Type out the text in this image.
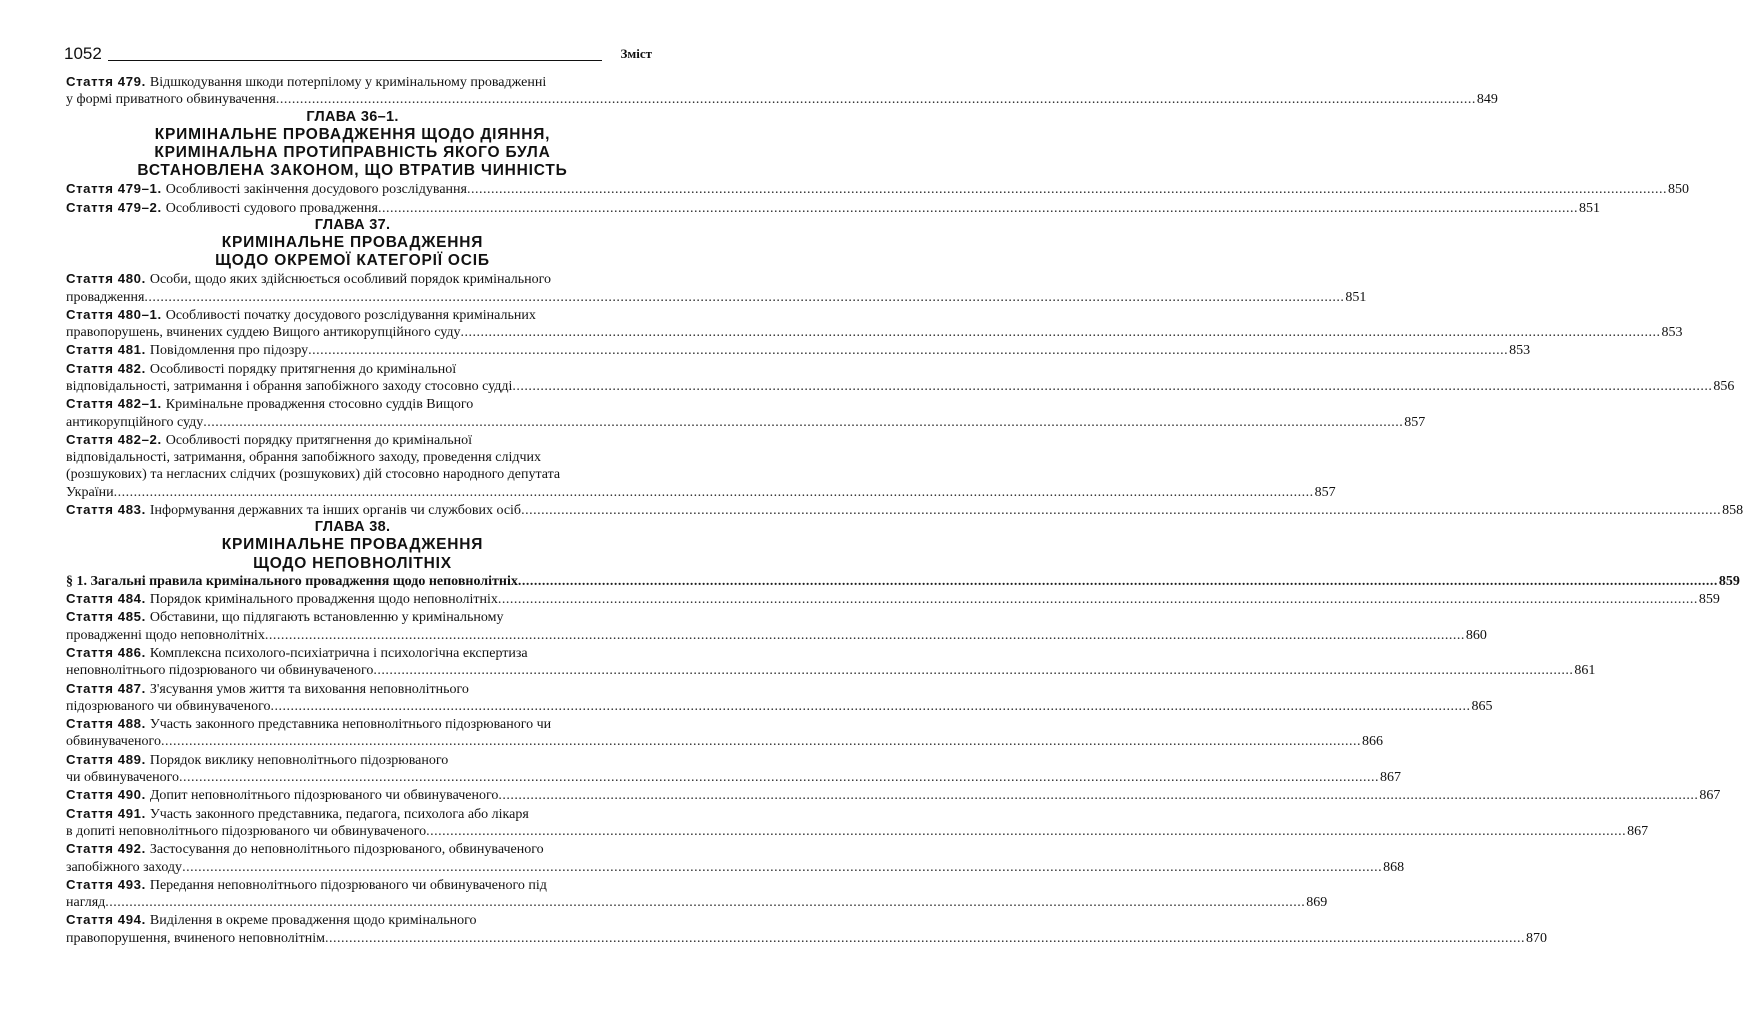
1052	Зміст
Стаття 479. Відшкодування шкоди потерпілому у кримінальному провадженні
у формі приватного обвинувачення ............................................................................................................................................................................................................................................................................................................ 849
ГЛАВА 36–1.
КРИМІНАЛЬНЕ ПРОВАДЖЕННЯ ЩОДО ДІЯННЯ,
КРИМІНАЛЬНА ПРОТИПРАВНІСТЬ ЯКОГО БУЛА
ВСТАНОВЛЕНА ЗАКОНОМ, ЩО ВТРАТИВ ЧИННІСТЬ
Стаття 479–1. Особливості закінчення досудового розслідування ............................................................................................................................................................................................................................................................................................................ 850
Стаття 479–2. Особливості судового провадження ............................................................................................................................................................................................................................................................................................................ 851
ГЛАВА 37.
КРИМІНАЛЬНЕ ПРОВАДЖЕННЯ
ЩОДО ОКРЕМОЇ КАТЕГОРІЇ ОСІБ
Стаття 480. Особи, щодо яких здійснюється особливий порядок кримінального
провадження ............................................................................................................................................................................................................................................................................................................ 851
Стаття 480–1. Особливості початку досудового розслідування кримінальних
правопорушень, вчинених суддею Вищого антикорупційного суду ............................................................................................................................................................................................................................................................................................................ 853
Стаття 481. Повідомлення про підозру ............................................................................................................................................................................................................................................................................................................ 853
Стаття 482. Особливості порядку притягнення до кримінальної
відповідальності, затримання і обрання запобіжного заходу стосовно судді ............................................................................................................................................................................................................................................................................................................ 856
Стаття 482–1. Кримінальне провадження стосовно суддів Вищого
антикорупційного суду ............................................................................................................................................................................................................................................................................................................ 857
Стаття 482–2. Особливості порядку притягнення до кримінальної
відповідальності, затримання, обрання запобіжного заходу, проведення слідчих
(розшукових) та негласних слідчих (розшукових) дій стосовно народного депутата
України ............................................................................................................................................................................................................................................................................................................ 857
Стаття 483. Інформування державних та інших органів чи службових осіб ............................................................................................................................................................................................................................................................................................................ 858
ГЛАВА 38.
КРИМІНАЛЬНЕ ПРОВАДЖЕННЯ
ЩОДО НЕПОВНОЛІТНІХ
§ 1. Загальні правила кримінального провадження щодо неповнолітніх ............................................................................................................................................................................................................................................................................................................ 859
Стаття 484. Порядок кримінального провадження щодо неповнолітніх ............................................................................................................................................................................................................................................................................................................ 859
Стаття 485. Обставини, що підлягають встановленню у кримінальному
провадженні щодо неповнолітніх ............................................................................................................................................................................................................................................................................................................ 860
Стаття 486. Комплексна психолого-психіатрична і психологічна експертиза
неповнолітнього підозрюваного чи обвинуваченого ............................................................................................................................................................................................................................................................................................................ 861
Стаття 487. З'ясування умов життя та виховання неповнолітнього
підозрюваного чи обвинуваченого ............................................................................................................................................................................................................................................................................................................ 865
Стаття 488. Участь законного представника неповнолітнього підозрюваного чи
обвинуваченого ............................................................................................................................................................................................................................................................................................................ 866
Стаття 489. Порядок виклику неповнолітнього підозрюваного
чи обвинуваченого ............................................................................................................................................................................................................................................................................................................ 867
Стаття 490. Допит неповнолітнього підозрюваного чи обвинуваченого ............................................................................................................................................................................................................................................................................................................ 867
Стаття 491. Участь законного представника, педагога, психолога або лікаря
в допиті неповнолітнього підозрюваного чи обвинуваченого ............................................................................................................................................................................................................................................................................................................ 867
Стаття 492. Застосування до неповнолітнього підозрюваного, обвинуваченого
запобіжного заходу ............................................................................................................................................................................................................................................................................................................ 868
Стаття 493. Передання неповнолітнього підозрюваного чи обвинуваченого під
нагляд ............................................................................................................................................................................................................................................................................................................ 869
Стаття 494. Виділення в окреме провадження щодо кримінального
правопорушення, вчиненого неповнолітнім ............................................................................................................................................................................................................................................................................................................ 870
